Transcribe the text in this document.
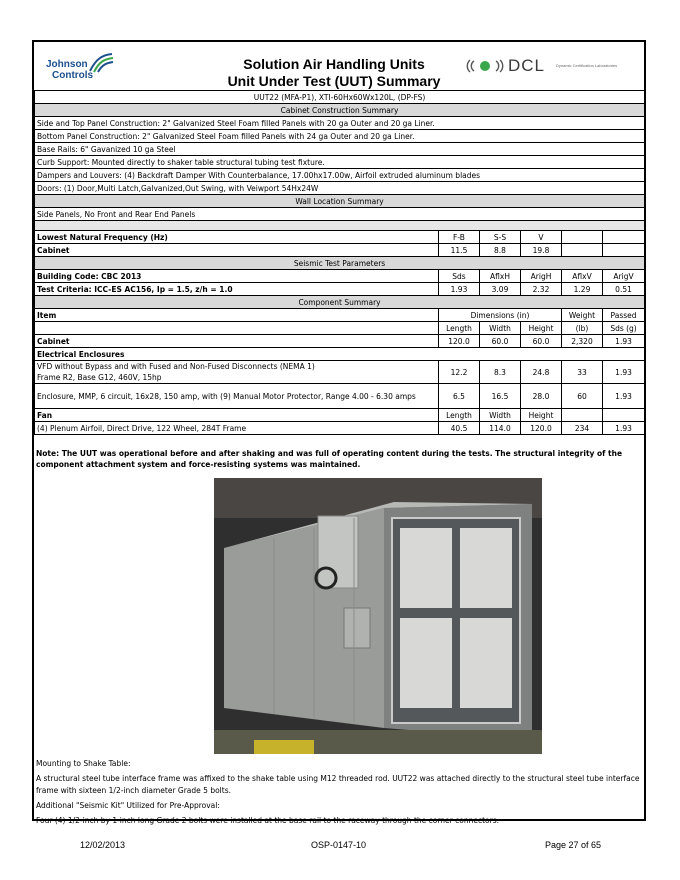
Johnson
Controls
Solution Air Handling Units
Unit Under Test (UUT) Summary
DCL	Dynamic Certification Laboratories
UUT22 (MFA-P1), XTI-60Hx60Wx120L, (DP-FS)					
Cabinet Construction Summary					
Side and Top Panel Construction: 2" Galvanized Steel Foam filled Panels with 20 ga Outer and 20 ga Liner.					
Bottom Panel Construction: 2" Galvanized Steel Foam filled Panels with 24 ga Outer and 20 ga Liner.					
Base Rails: 6" Gavanized 10 ga Steel					
Curb Support: Mounted directly to shaker table structural tubing test fixture.					
Dampers and Louvers: (4) Backdraft Damper With Counterbalance, 17.00hx17.00w, Airfoil extruded aluminum blades					
Doors: (1) Door,Multi Latch,Galvanized,Out Swing, with Veiwport 54Hx24W					
Wall Location Summary					
Side Panels, No Front and Rear End Panels					

Lowest Natural Frequency (Hz)	F-B	S-S	V		
Cabinet	11.5	8.8	19.8		
Seismic Test Parameters					
Building Code: CBC 2013	Sds	AflxH	ArigH	AflxV	ArigV
Test Criteria: ICC-ES AC156, Ip = 1.5, z/h = 1.0	1.93	3.09	2.32	1.29	0.51
Component Summary					
Item	Dimensions (in)			Weight	Passed
	Length	Width	Height	(lb)	Sds (g)
Cabinet	120.0	60.0	60.0	2,320	1.93
Electrical Enclosures					

VFD without Bypass and with Fused and Non-Fused Disconnects (NEMA 1)
Frame R2, Base G12, 460V, 15hp	12.2	8.3	24.8	33	1.93
Enclosure, MMP, 6 circuit, 16x28, 150 amp, with (9) Manual Motor Protector, Range 4.00 - 6.30 amps	6.5	16.5	28.0	60	1.93
Fan	Length	Width	Height		
(4) Plenum Airfoil, Direct Drive, 122 Wheel, 284T Frame	40.5	114.0	120.0	234	1.93
Note: The UUT was operational before and after shaking and was full of operating content during the tests. The structural integrity of the component attachment system and force-resisting systems was maintained.

Mounting to Shake Table:

A structural steel tube interface frame was affixed to the shake table using M12 threaded rod. UUT22 was attached directly to the structural steel tube interface frame with sixteen 1/2-inch diameter Grade 5 bolts.

Additional "Seismic Kit" Utilized for Pre-Approval:

Four (4) 1/2-inch by 1-inch long Grade 2 bolts were installed at the base rail to the raceway through the corner connectors.

12/02/2013	OSP-0147-10	Page 27 of 65
